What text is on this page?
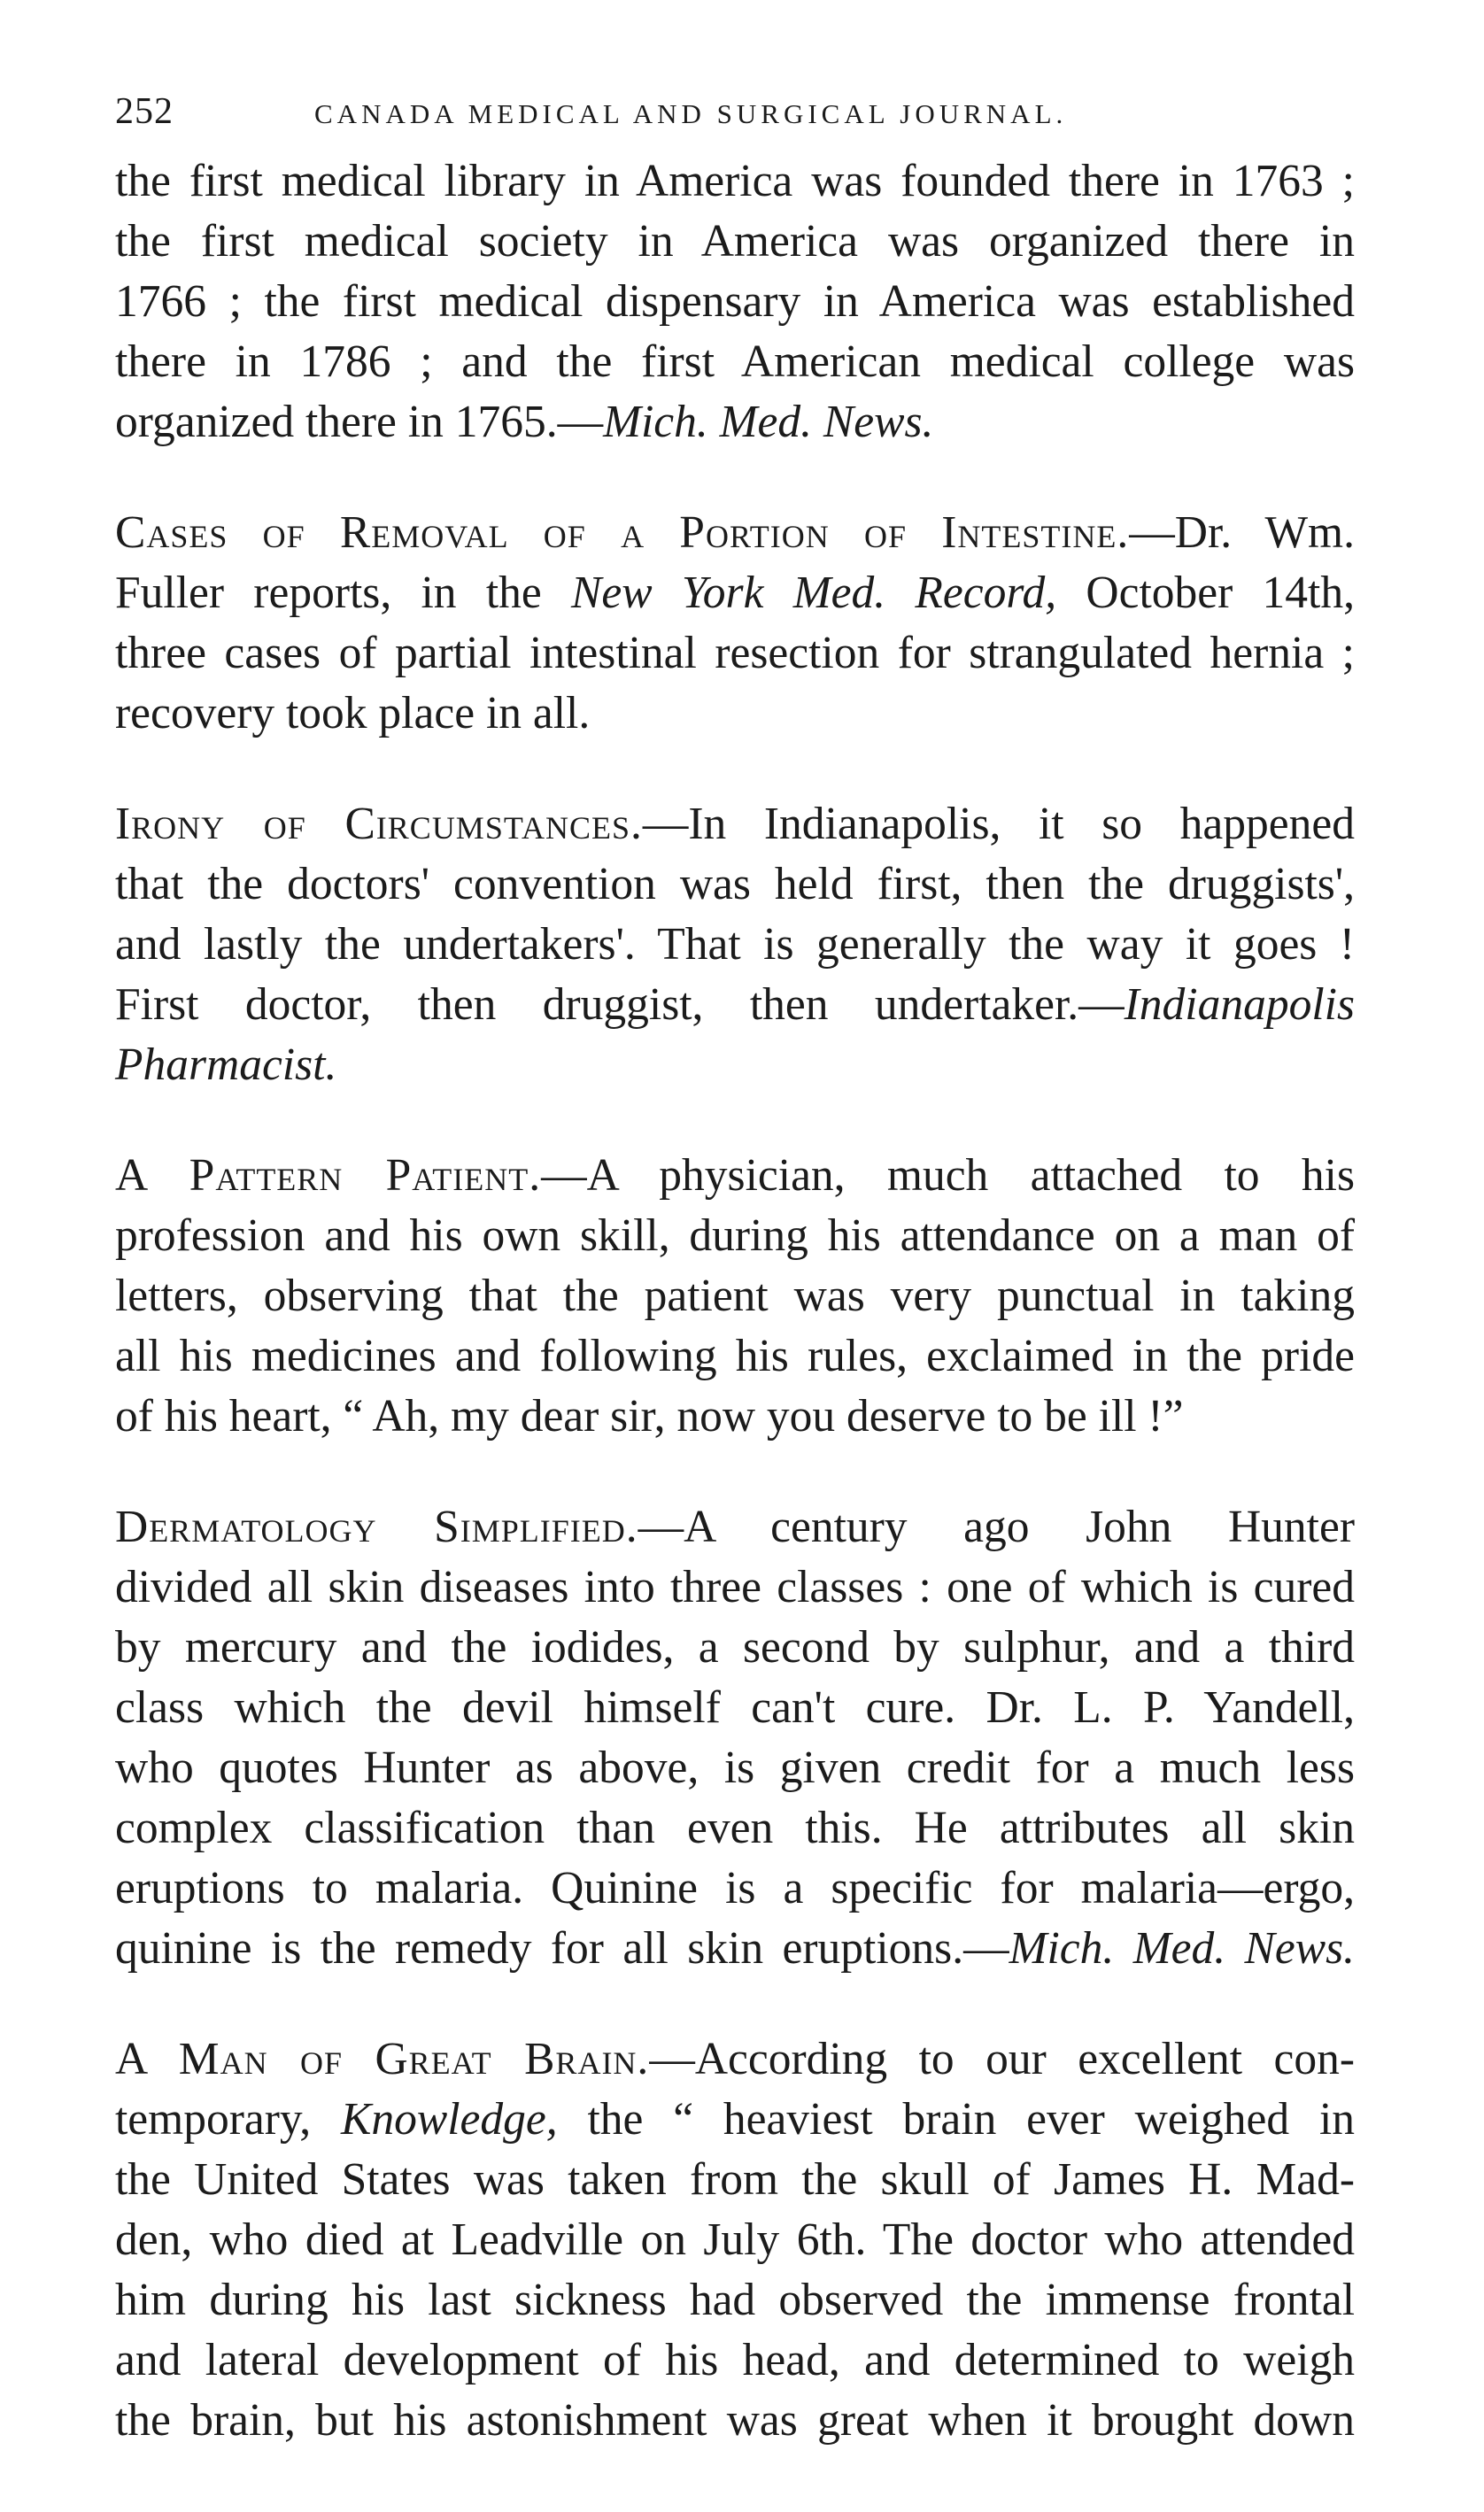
252	CANADA MEDICAL AND SURGICAL JOURNAL.

the first medical library in America was founded there in 1763 ;
the first medical society in America was organized there in
1766 ; the first medical dispensary in America was established
there in 1786 ; and the first American medical college was
organized there in 1765.—Mich. Med. News.

Cases of Removal of a Portion of Intestine.—Dr. Wm.
Fuller reports, in the New York Med. Record, October 14th,
three cases of partial intestinal resection for strangulated hernia ;
recovery took place in all.

Irony of Circumstances.—In Indianapolis, it so happened
that the doctors' convention was held first, then the druggists',
and lastly the undertakers'. That is generally the way it goes !
First doctor, then druggist, then undertaker.—Indianapolis
Pharmacist.

A Pattern Patient.—A physician, much attached to his
profession and his own skill, during his attendance on a man of
letters, observing that the patient was very punctual in taking
all his medicines and following his rules, exclaimed in the pride
of his heart, “ Ah, my dear sir, now you deserve to be ill !”

Dermatology Simplified.—A century ago John Hunter
divided all skin diseases into three classes : one of which is cured
by mercury and the iodides, a second by sulphur, and a third
class which the devil himself can't cure. Dr. L. P. Yandell,
who quotes Hunter as above, is given credit for a much less
complex classification than even this. He attributes all skin
eruptions to malaria. Quinine is a specific for malaria—ergo,
quinine is the remedy for all skin eruptions.—Mich. Med. News.

A Man of Great Brain.—According to our excellent con-
temporary, Knowledge, the “ heaviest brain ever weighed in
the United States was taken from the skull of James H. Mad-
den, who died at Leadville on July 6th. The doctor who attended
him during his last sickness had observed the immense frontal
and lateral development of his head, and determined to weigh
the brain, but his astonishment was great when it brought down
